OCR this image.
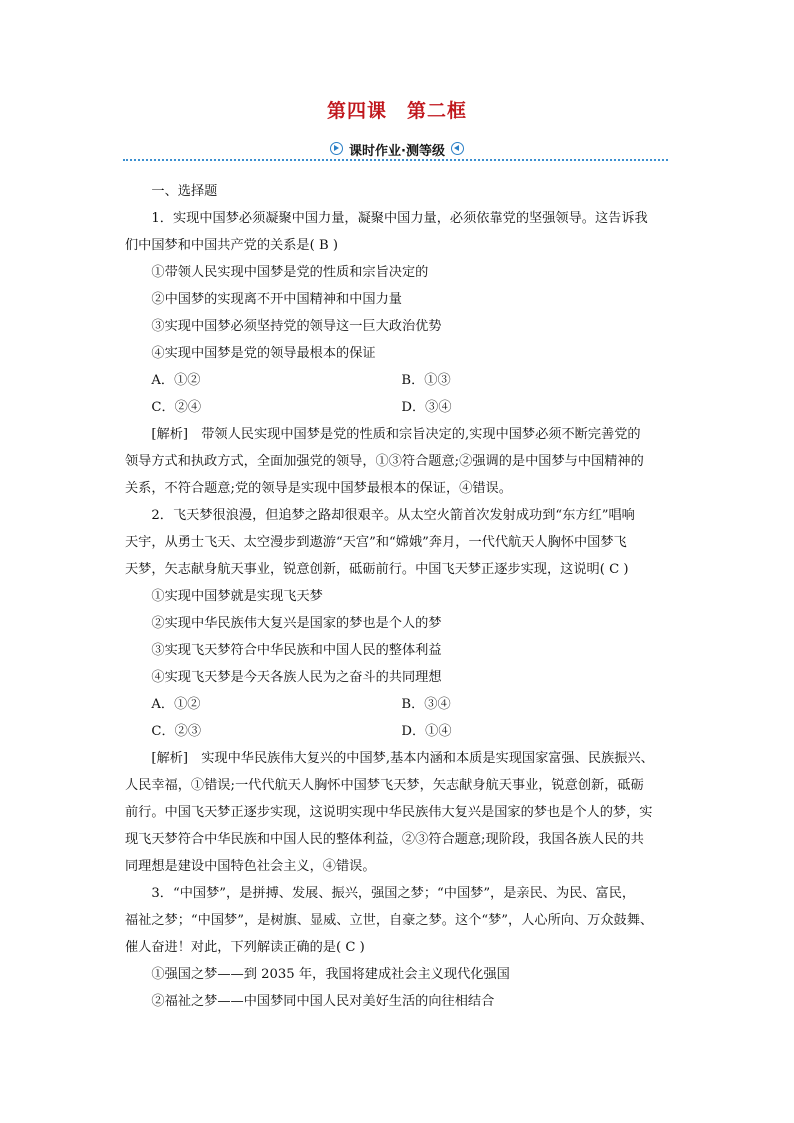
第四课　第二框
课时作业·测等级

一、选择题

1．实现中国梦必须凝聚中国力量，凝聚中国力量，必须依靠党的坚强领导。这告诉我

们中国梦和中国共产党的关系是( B )

①带领人民实现中国梦是党的性质和宗旨决定的

②中国梦的实现离不开中国精神和中国力量

③实现中国梦必须坚持党的领导这一巨大政治优势

④实现中国梦是党的领导最根本的保证

A．①②	B．①③
C．②④	D．③④

[解析]　带领人民实现中国梦是党的性质和宗旨决定的,实现中国梦必须不断完善党的

领导方式和执政方式，全面加强党的领导，①③符合题意;②强调的是中国梦与中国精神的

关系，不符合题意;党的领导是实现中国梦最根本的保证，④错误。

2．飞天梦很浪漫，但追梦之路却很艰辛。从太空火箭首次发射成功到“东方红”唱响

天宇，从勇士飞天、太空漫步到遨游“天宫”和“嫦娥”奔月，一代代航天人胸怀中国梦飞

天梦，矢志献身航天事业，锐意创新，砥砺前行。中国飞天梦正逐步实现，这说明( C )

①实现中国梦就是实现飞天梦

②实现中华民族伟大复兴是国家的梦也是个人的梦

③实现飞天梦符合中华民族和中国人民的整体利益

④实现飞天梦是今天各族人民为之奋斗的共同理想

A．①②	B．③④
C．②③	D．①④

[解析]　实现中华民族伟大复兴的中国梦,基本内涵和本质是实现国家富强、民族振兴、

人民幸福，①错误;一代代航天人胸怀中国梦飞天梦，矢志献身航天事业，锐意创新，砥砺

前行。中国飞天梦正逐步实现，这说明实现中华民族伟大复兴是国家的梦也是个人的梦，实

现飞天梦符合中华民族和中国人民的整体利益，②③符合题意;现阶段，我国各族人民的共

同理想是建设中国特色社会主义，④错误。

3．“中国梦”，是拼搏、发展、振兴，强国之梦；“中国梦”，是亲民、为民、富民，

福祉之梦；“中国梦”，是树旗、显威、立世，自豪之梦。这个“梦”，人心所向、万众鼓舞、

催人奋进！对此，下列解读正确的是( C )

①强国之梦——到 2035 年，我国将建成社会主义现代化强国

②福祉之梦——中国梦同中国人民对美好生活的向往相结合
